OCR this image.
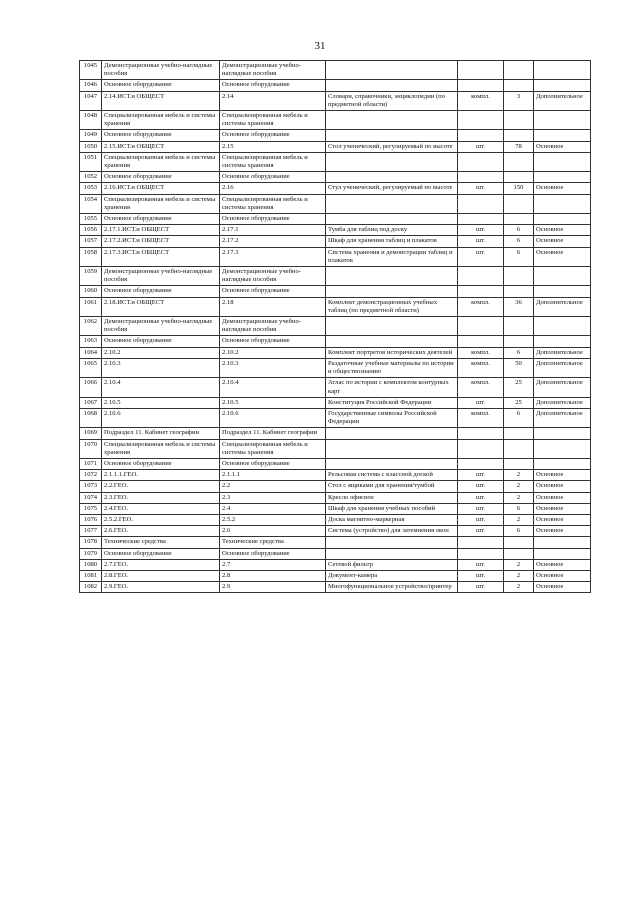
31
1045	Демонстрационные учебно-наглядные пособия	Демонстрационные учебно-наглядные пособия				
1046	Основное оборудование	Основное оборудование				
1047	2.14.ИСТ.и ОБЩЕСТ	2.14	Словари, справочники, энциклопедии (по предметной области)	компл.	3	Дополнительное
1048	Специализированная мебель и системы хранения	Специализированная мебель и системы хранения				
1049	Основное оборудование	Основное оборудование				
1050	2.15.ИСТ.и ОБЩЕСТ	2.15	Стол ученический, регулируемый по высоте	шт.	78	Основное
1051	Специализированная мебель и системы хранения	Специализированная мебель и системы хранения				
1052	Основное оборудование	Основное оборудование				
1053	2.16.ИСТ.и ОБЩЕСТ	2.16	Стул ученический, регулируемый по высоте	шт.	150	Основное
1054	Специализированная мебель и системы хранения	Специализированная мебель и системы хранения				
1055	Основное оборудование	Основное оборудование				
1056	2.17.1.ИСТ.и ОБЩЕСТ	2.17.1	Тумба для таблиц под доску	шт.	6	Основное
1057	2.17.2.ИСТ.и ОБЩЕСТ	2.17.2	Шкаф для хранения таблиц и плакатов	шт.	6	Основное
1058	2.17.3.ИСТ.и ОБЩЕСТ	2.17.3	Система хранения и демонстрации таблиц и плакатов	шт.	6	Основное
1059	Демонстрационные учебно-наглядные пособия	Демонстрационные учебно-наглядные пособия				
1060	Основное оборудование	Основное оборудование				
1061	2.18.ИСТ.и ОБЩЕСТ	2.18	Комплект демонстрационных учебных таблиц (по предметной области)	компл.	36	Дополнительное
1062	Демонстрационные учебно-наглядные пособия	Демонстрационные учебно-наглядные пособия				
1063	Основное оборудование	Основное оборудование				
1064	2.10.2	2.10.2	Комплект портретов исторических деятелей	компл.	6	Дополнительное
1065	2.10.3	2.10.3	Раздаточные учебные материалы по истории и обществознанию	компл.	50	Дополнительное
1066	2.10.4	2.10.4	Атлас по истории с комплектом контурных карт	компл.	25	Дополнительное
1067	2.10.5	2.10.5	Конституция Российской Федерации	шт.	25	Дополнительное
1068	2.10.6	2.10.6	Государственные символы Российской Федерации	компл.	6	Дополнительное
1069	Подраздел 11. Кабинет географии	Подраздел 11. Кабинет географии				
1070	Специализированная мебель и системы хранения	Специализированная мебель и системы хранения				
1071	Основное оборудование	Основное оборудование				
1072	2.1.1.1.ГЕО.	2.1.1.1	Рельсовая система с классной доской	шт.	2	Основное
1073	2.2.ГЕО.	2.2	Стол с ящиками для хранения/тумбой	шт.	2	Основное
1074	2.3.ГЕО.	2.3	Кресло офисное	шт.	2	Основное
1075	2.4.ГЕО.	2.4	Шкаф для хранения учебных пособий	шт.	6	Основное
1076	2.5.2.ГЕО.	2.5.2	Доска магнитно-маркерная	шт.	2	Основное
1077	2.6.ГЕО.	2.6	Система (устройство) для затемнения окон	шт.	6	Основное
1078	Технические средства	Технические средства				
1079	Основное оборудование	Основное оборудование				
1080	2.7.ГЕО.	2.7	Сетевой фильтр	шт.	2	Основное
1081	2.8.ГЕО.	2.8	Документ-камера	шт.	2	Основное
1082	2.9.ГЕО.	2.9	Многофункциональное устройство/принтер	шт.	2	Основное
